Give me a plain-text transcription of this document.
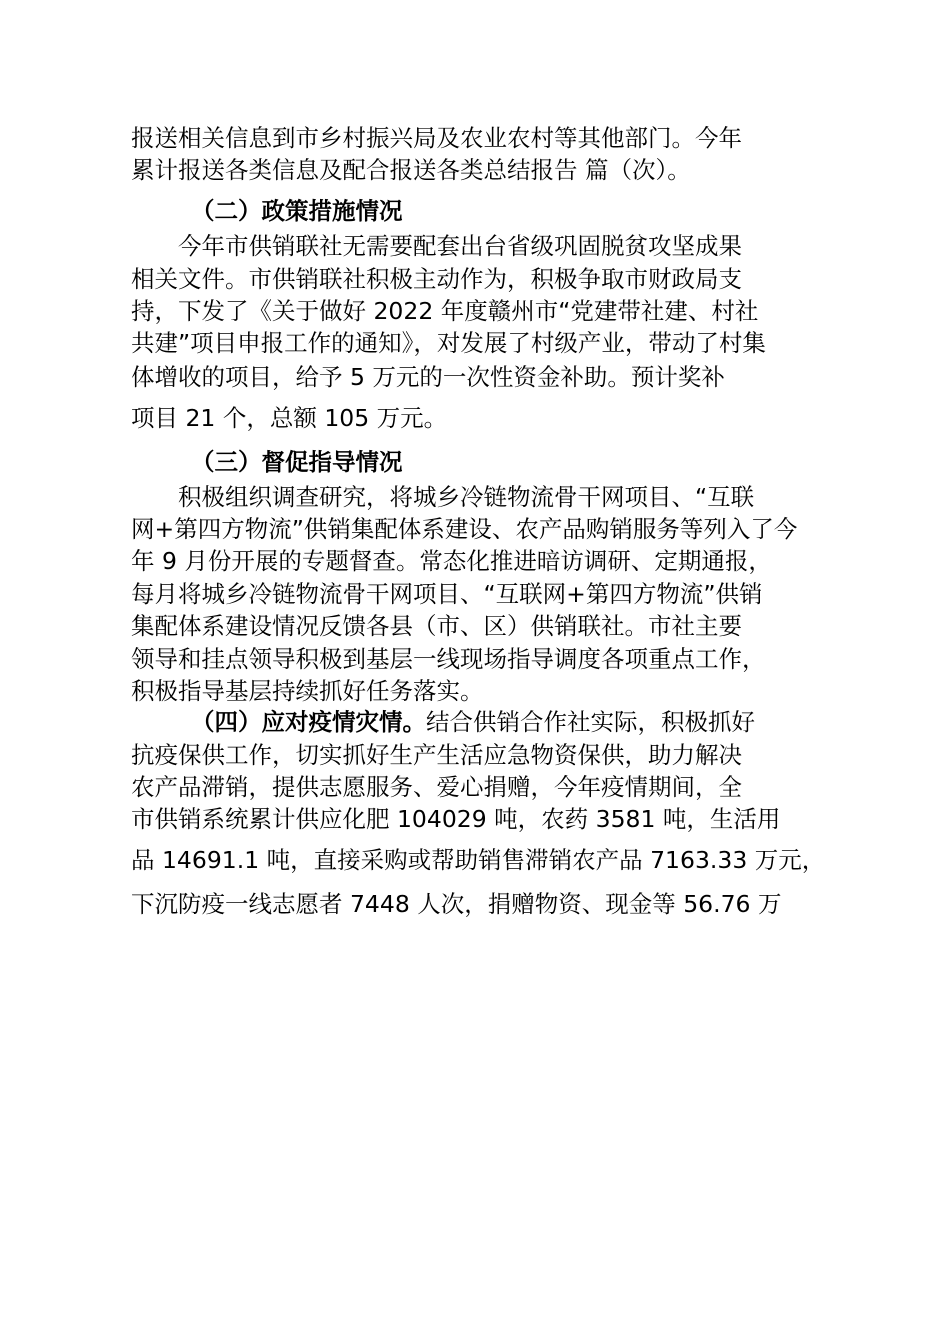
报送相关信息到市乡村振兴局及农业农村等其他部门。今年
累计报送各类信息及配合报送各类总结报告 篇（次）。
（二）政策措施情况
今年市供销联社无需要配套出台省级巩固脱贫攻坚成果
相关文件。市供销联社积极主动作为，积极争取市财政局支
持，下发了《关于做好 2022 年度赣州市“党建带社建、村社
共建”项目申报工作的通知》，对发展了村级产业，带动了村集
体增收的项目，给予 5 万元的一次性资金补助。预计奖补
项目 21 个，总额 105 万元。
（三）督促指导情况
积极组织调查研究，将城乡冷链物流骨干网项目、“互联
网+第四方物流”供销集配体系建设、农产品购销服务等列入了今
年 9 月份开展的专题督查。常态化推进暗访调研、定期通报，
每月将城乡冷链物流骨干网项目、“互联网+第四方物流”供销
集配体系建设情况反馈各县（市、区）供销联社。市社主要
领导和挂点领导积极到基层一线现场指导调度各项重点工作，
积极指导基层持续抓好任务落实。
（四）应对疫情灾情。结合供销合作社实际，积极抓好
抗疫保供工作，切实抓好生产生活应急物资保供，助力解决
农产品滞销，提供志愿服务、爱心捐赠，今年疫情期间，全
市供销系统累计供应化肥 104029 吨，农药 3581 吨，生活用
品 14691.1 吨，直接采购或帮助销售滞销农产品 7163.33 万元，
下沉防疫一线志愿者 7448 人次，捐赠物资、现金等 56.76 万
